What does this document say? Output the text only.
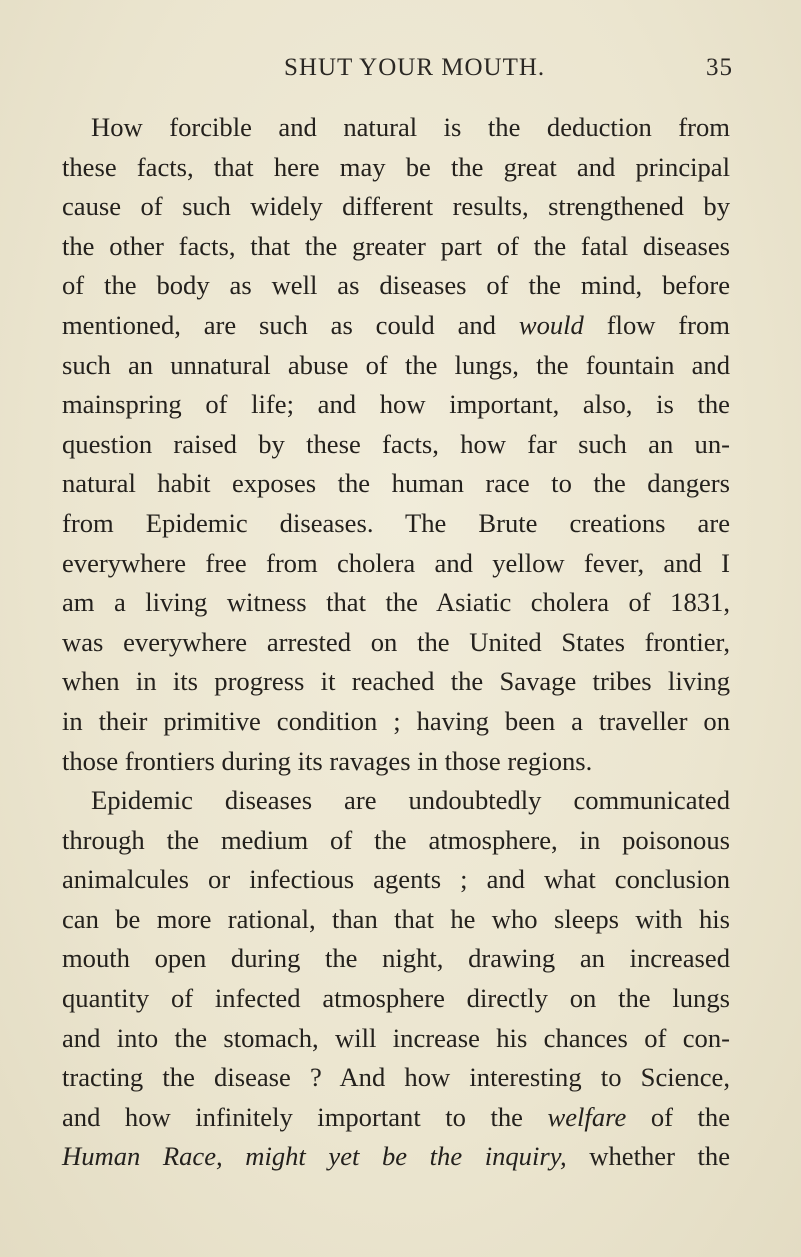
SHUT YOUR MOUTH.	35
How forcible and natural is the deduction from
these facts, that here may be the great and principal
cause of such widely different results, strengthened by
the other facts, that the greater part of the fatal diseases
of the body as well as diseases of the mind, before
mentioned, are such as could and would flow from
such an unnatural abuse of the lungs, the fountain and
mainspring of life; and how important, also, is the
question raised by these facts, how far such an un-
natural habit exposes the human race to the dangers
from Epidemic diseases. The Brute creations are
everywhere free from cholera and yellow fever, and I
am a living witness that the Asiatic cholera of 1831,
was everywhere arrested on the United States frontier,
when in its progress it reached the Savage tribes living
in their primitive condition ; having been a traveller on
those frontiers during its ravages in those regions.
Epidemic diseases are undoubtedly communicated
through the medium of the atmosphere, in poisonous
animalcules or infectious agents ; and what conclusion
can be more rational, than that he who sleeps with his
mouth open during the night, drawing an increased
quantity of infected atmosphere directly on the lungs
and into the stomach, will increase his chances of con-
tracting the disease ? And how interesting to Science,
and how infinitely important to the welfare of the
Human Race, might yet be the inquiry, whether the
